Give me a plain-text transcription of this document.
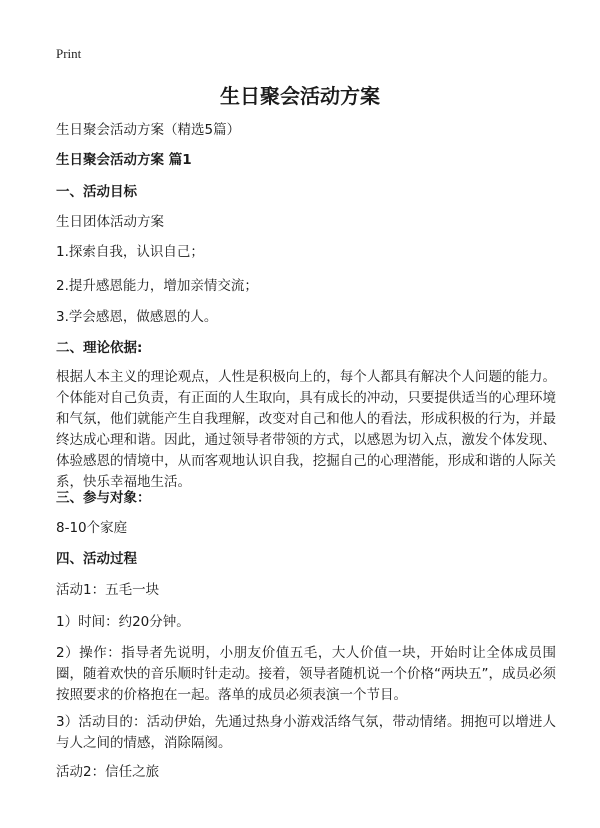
Print
生日聚会活动方案

生日聚会活动方案（精选5篇）

生日聚会活动方案 篇1

一、活动目标

生日团体活动方案

1.探索自我，认识自己；

2.提升感恩能力，增加亲情交流；

3.学会感恩，做感恩的人。

二、理论依据:

根据人本主义的理论观点，人性是积极向上的，每个人都具有解决个人问题的能力。个体能对自己负责，有正面的人生取向，具有成长的冲动，只要提供适当的心理环境和气氛，他们就能产生自我理解，改变对自己和他人的看法，形成积极的行为，并最终达成心理和谐。因此，通过领导者带领的方式，以感恩为切入点，激发个体发现、体验感恩的情境中，从而客观地认识自我，挖掘自己的心理潜能，形成和谐的人际关系，快乐幸福地生活。

三、参与对象：

8-10个家庭

四、活动过程

活动1：五毛一块

1）时间：约20分钟。

2）操作：指导者先说明，小朋友价值五毛，大人价值一块，开始时让全体成员围圈，随着欢快的音乐顺时针走动。接着，领导者随机说一个价格“两块五”，成员必须按照要求的价格抱在一起。落单的成员必须表演一个节目。

3）活动目的：活动伊始，先通过热身小游戏活络气氛，带动情绪。拥抱可以增进人与人之间的情感，消除隔阂。

活动2：信任之旅
